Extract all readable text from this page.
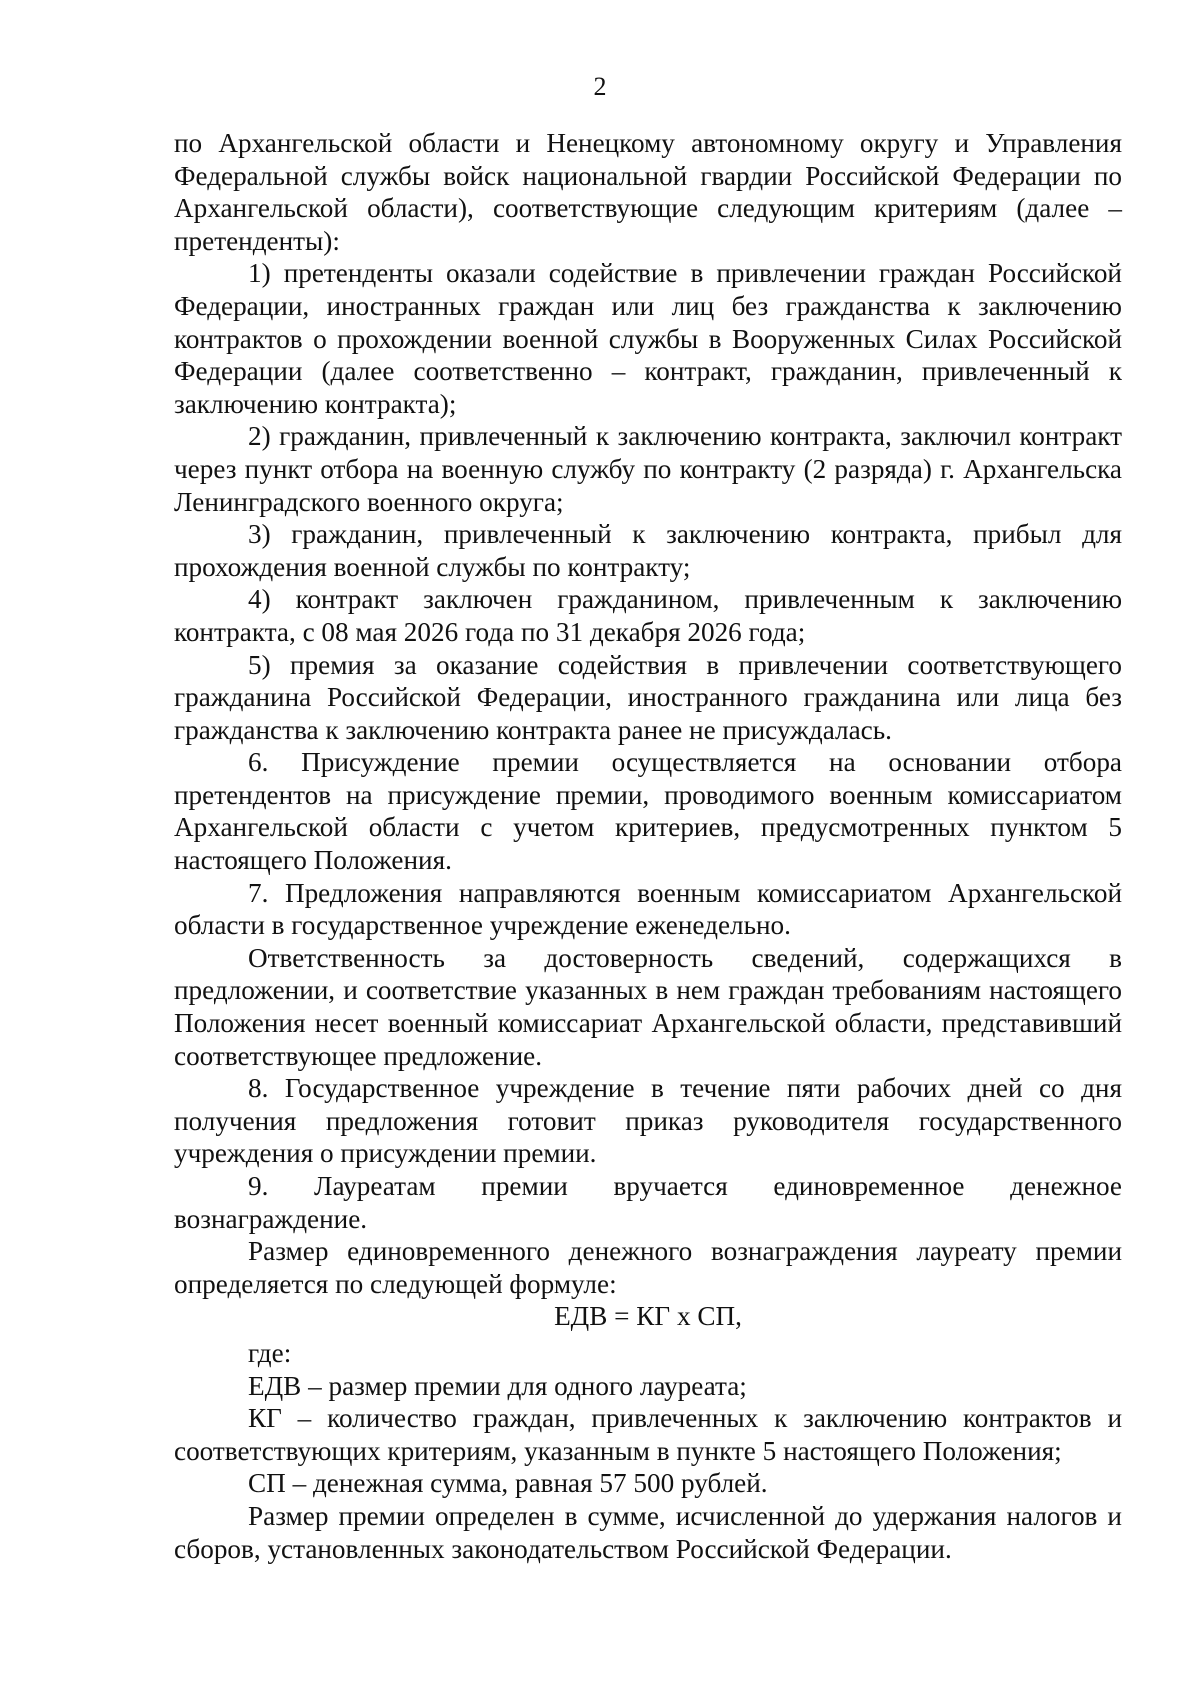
2

по Архангельской области и Ненецкому автономному округу и Управления Федеральной службы войск национальной гвардии Российской Федерации по Архангельской области), соответствующие следующим критериям (далее – претенденты):

1) претенденты оказали содействие в привлечении граждан Российской Федерации, иностранных граждан или лиц без гражданства к заключению контрактов о прохождении военной службы в Вооруженных Силах Российской Федерации (далее соответственно – контракт, гражданин, привлеченный к заключению контракта);

2) гражданин, привлеченный к заключению контракта, заключил контракт через пункт отбора на военную службу по контракту (2 разряда) г. Архангельска Ленинградского военного округа;

3) гражданин, привлеченный к заключению контракта, прибыл для прохождения военной службы по контракту;

4) контракт заключен гражданином, привлеченным к заключению контракта, с 08 мая 2026 года по 31 декабря 2026 года;

5) премия за оказание содействия в привлечении соответствующего гражданина Российской Федерации, иностранного гражданина или лица без гражданства к заключению контракта ранее не присуждалась.

6. Присуждение премии осуществляется на основании отбора претендентов на присуждение премии, проводимого военным комиссариатом Архангельской области с учетом критериев, предусмотренных пунктом 5 настоящего Положения.

7. Предложения направляются военным комиссариатом Архангельской области в государственное учреждение еженедельно.

Ответственность за достоверность сведений, содержащихся в предложении, и соответствие указанных в нем граждан требованиям настоящего Положения несет военный комиссариат Архангельской области, представивший соответствующее предложение.

8. Государственное учреждение в течение пяти рабочих дней со дня получения предложения готовит приказ руководителя государственного учреждения о присуждении премии.

9. Лауреатам премии вручается единовременное денежное вознаграждение.

Размер единовременного денежного вознаграждения лауреату премии определяется по следующей формуле:

ЕДВ = КГ х СП,

где:

ЕДВ – размер премии для одного лауреата;

КГ – количество граждан, привлеченных к заключению контрактов и соответствующих критериям, указанным в пункте 5 настоящего Положения;

СП – денежная сумма, равная 57 500 рублей.

Размер премии определен в сумме, исчисленной до удержания налогов и сборов, установленных законодательством Российской Федерации.
